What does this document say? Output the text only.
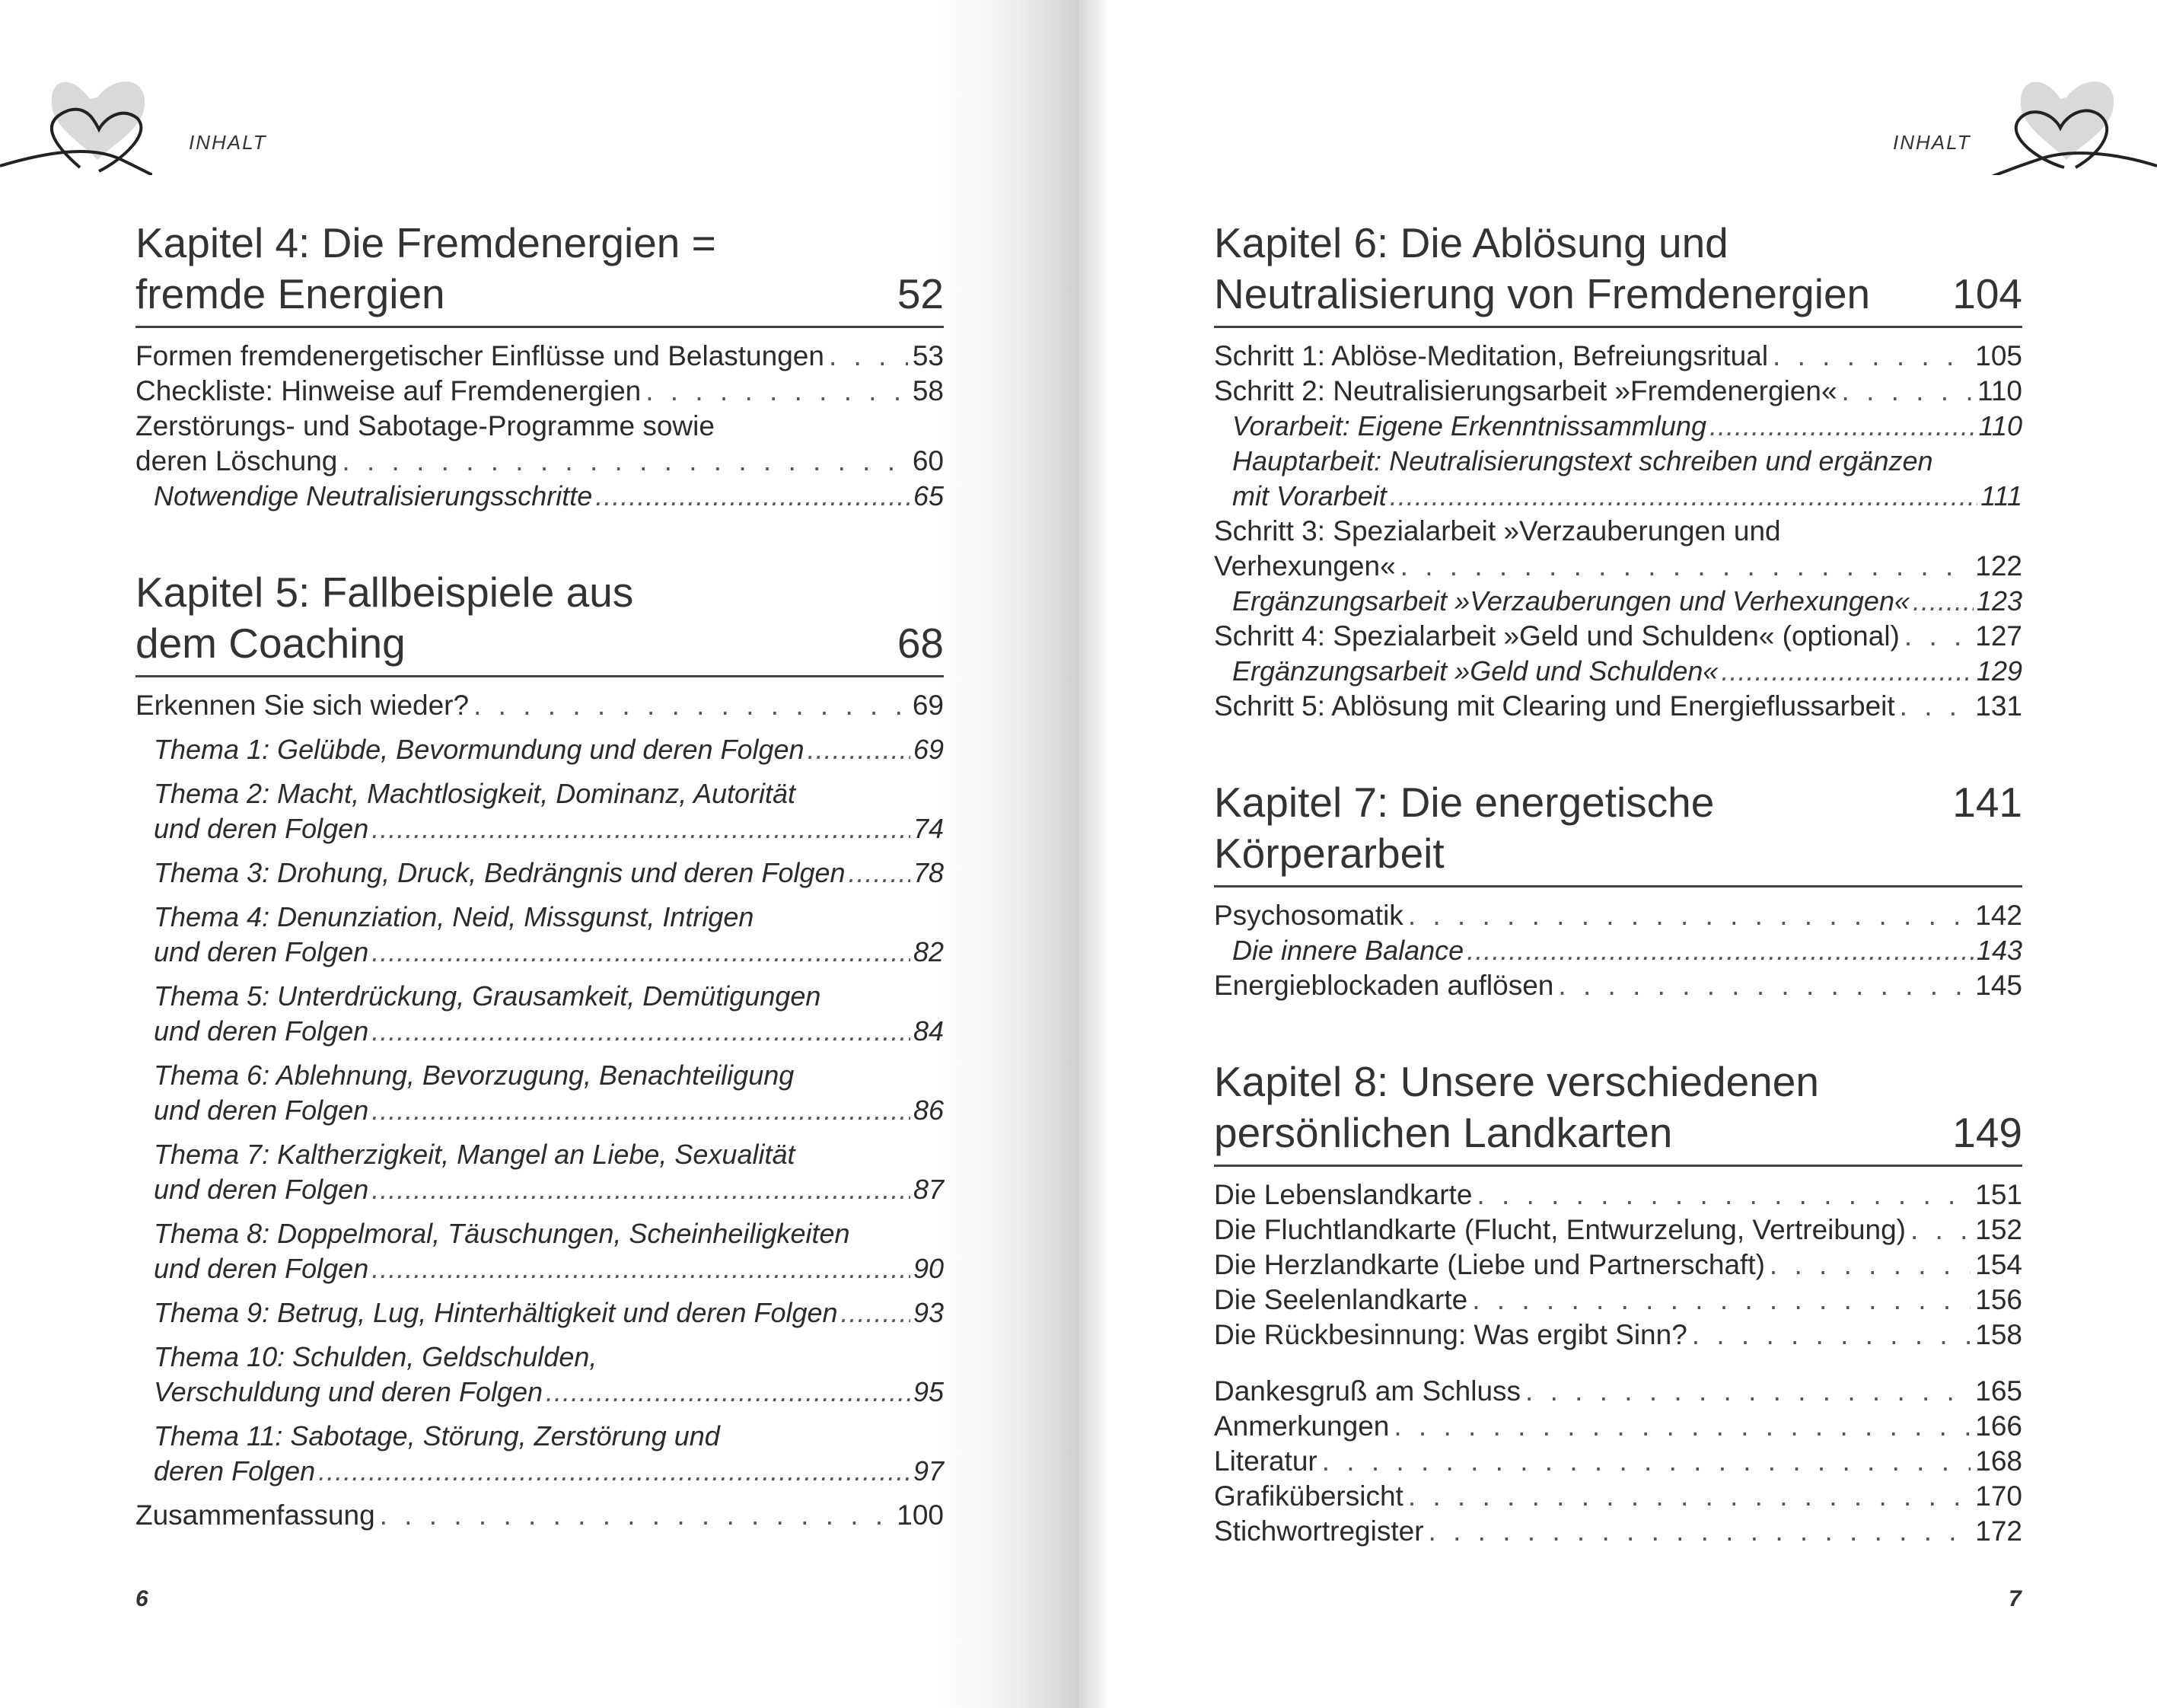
INHALT
Kapitel 4: Die Fremdenergien =
fremde Energien	52
Formen fremdenergetischer Einflüsse und Belastungen . . .	53
Checkliste: Hinweise auf Fremdenergien . . .	58
Zerstörungs- und Sabotage-Programme sowie
deren Löschung . . .	60
Notwendige Neutralisierungsschritte .....	65
Kapitel 5: Fallbeispiele aus
dem Coaching	68
Erkennen Sie sich wieder? . . .	69
Thema 1: Gelübde, Bevormundung und deren Folgen .....	69
Thema 2: Macht, Machtlosigkeit, Dominanz, Autorität
und deren Folgen .....	74
Thema 3: Drohung, Druck, Bedrängnis und deren Folgen ..... 78
Thema 4: Denunziation, Neid, Missgunst, Intrigen
und deren Folgen .....	82
Thema 5: Unterdrückung, Grausamkeit, Demütigungen
und deren Folgen .....	84
Thema 6: Ablehnung, Bevorzugung, Benachteiligung
und deren Folgen .....	86
Thema 7: Kaltherzigkeit, Mangel an Liebe, Sexualität
und deren Folgen .....	87
Thema 8: Doppelmoral, Täuschungen, Scheinheiligkeiten
und deren Folgen .....	90
Thema 9: Betrug, Lug, Hinterhältigkeit und deren Folgen .....	93
Thema 10: Schulden, Geldschulden,
Verschuldung und deren Folgen .....	95
Thema 11: Sabotage, Störung, Zerstörung und
deren Folgen .....	97
Zusammenfassung . . .	100
6
INHALT
Kapitel 6: Die Ablösung und
Neutralisierung von Fremdenergien 104
Schritt 1: Ablöse-Meditation, Befreiungsritual . . .	105
Schritt 2: Neutralisierungsarbeit »Fremdenergien« . . .	110
Vorarbeit: Eigene Erkenntnissammlung .....	110
Hauptarbeit: Neutralisierungstext schreiben und ergänzen
mit Vorarbeit .....	111
Schritt 3: Spezialarbeit »Verzauberungen und
Verhexungen« . . .	122
Ergänzungsarbeit »Verzauberungen und Verhexungen« ..... 123
Schritt 4: Spezialarbeit »Geld und Schulden« (optional) . . .	127
Ergänzungsarbeit »Geld und Schulden« .....	129
Schritt 5: Ablösung mit Clearing und Energieflussarbeit . . .	131
Kapitel 7: Die energetische Körperarbeit
141
Psychosomatik . . .	142
Die innere Balance .....	143
Energieblockaden auflösen . . .	145
Kapitel 8: Unsere verschiedenen
persönlichen Landkarten	149
Die Lebenslandkarte . . .	151
Die Fluchtlandkarte (Flucht, Entwurzelung, Vertreibung) . . . 152
Die Herzlandkarte (Liebe und Partnerschaft) . . .	154
Die Seelenlandkarte . . .	156
Die Rückbesinnung: Was ergibt Sinn? . . .	158
Dankesgruß am Schluss . . .	165
Anmerkungen . . .	166
Literatur . . .	168
Grafikübersicht . . .	170
Stichwortregister . . .	172
7
